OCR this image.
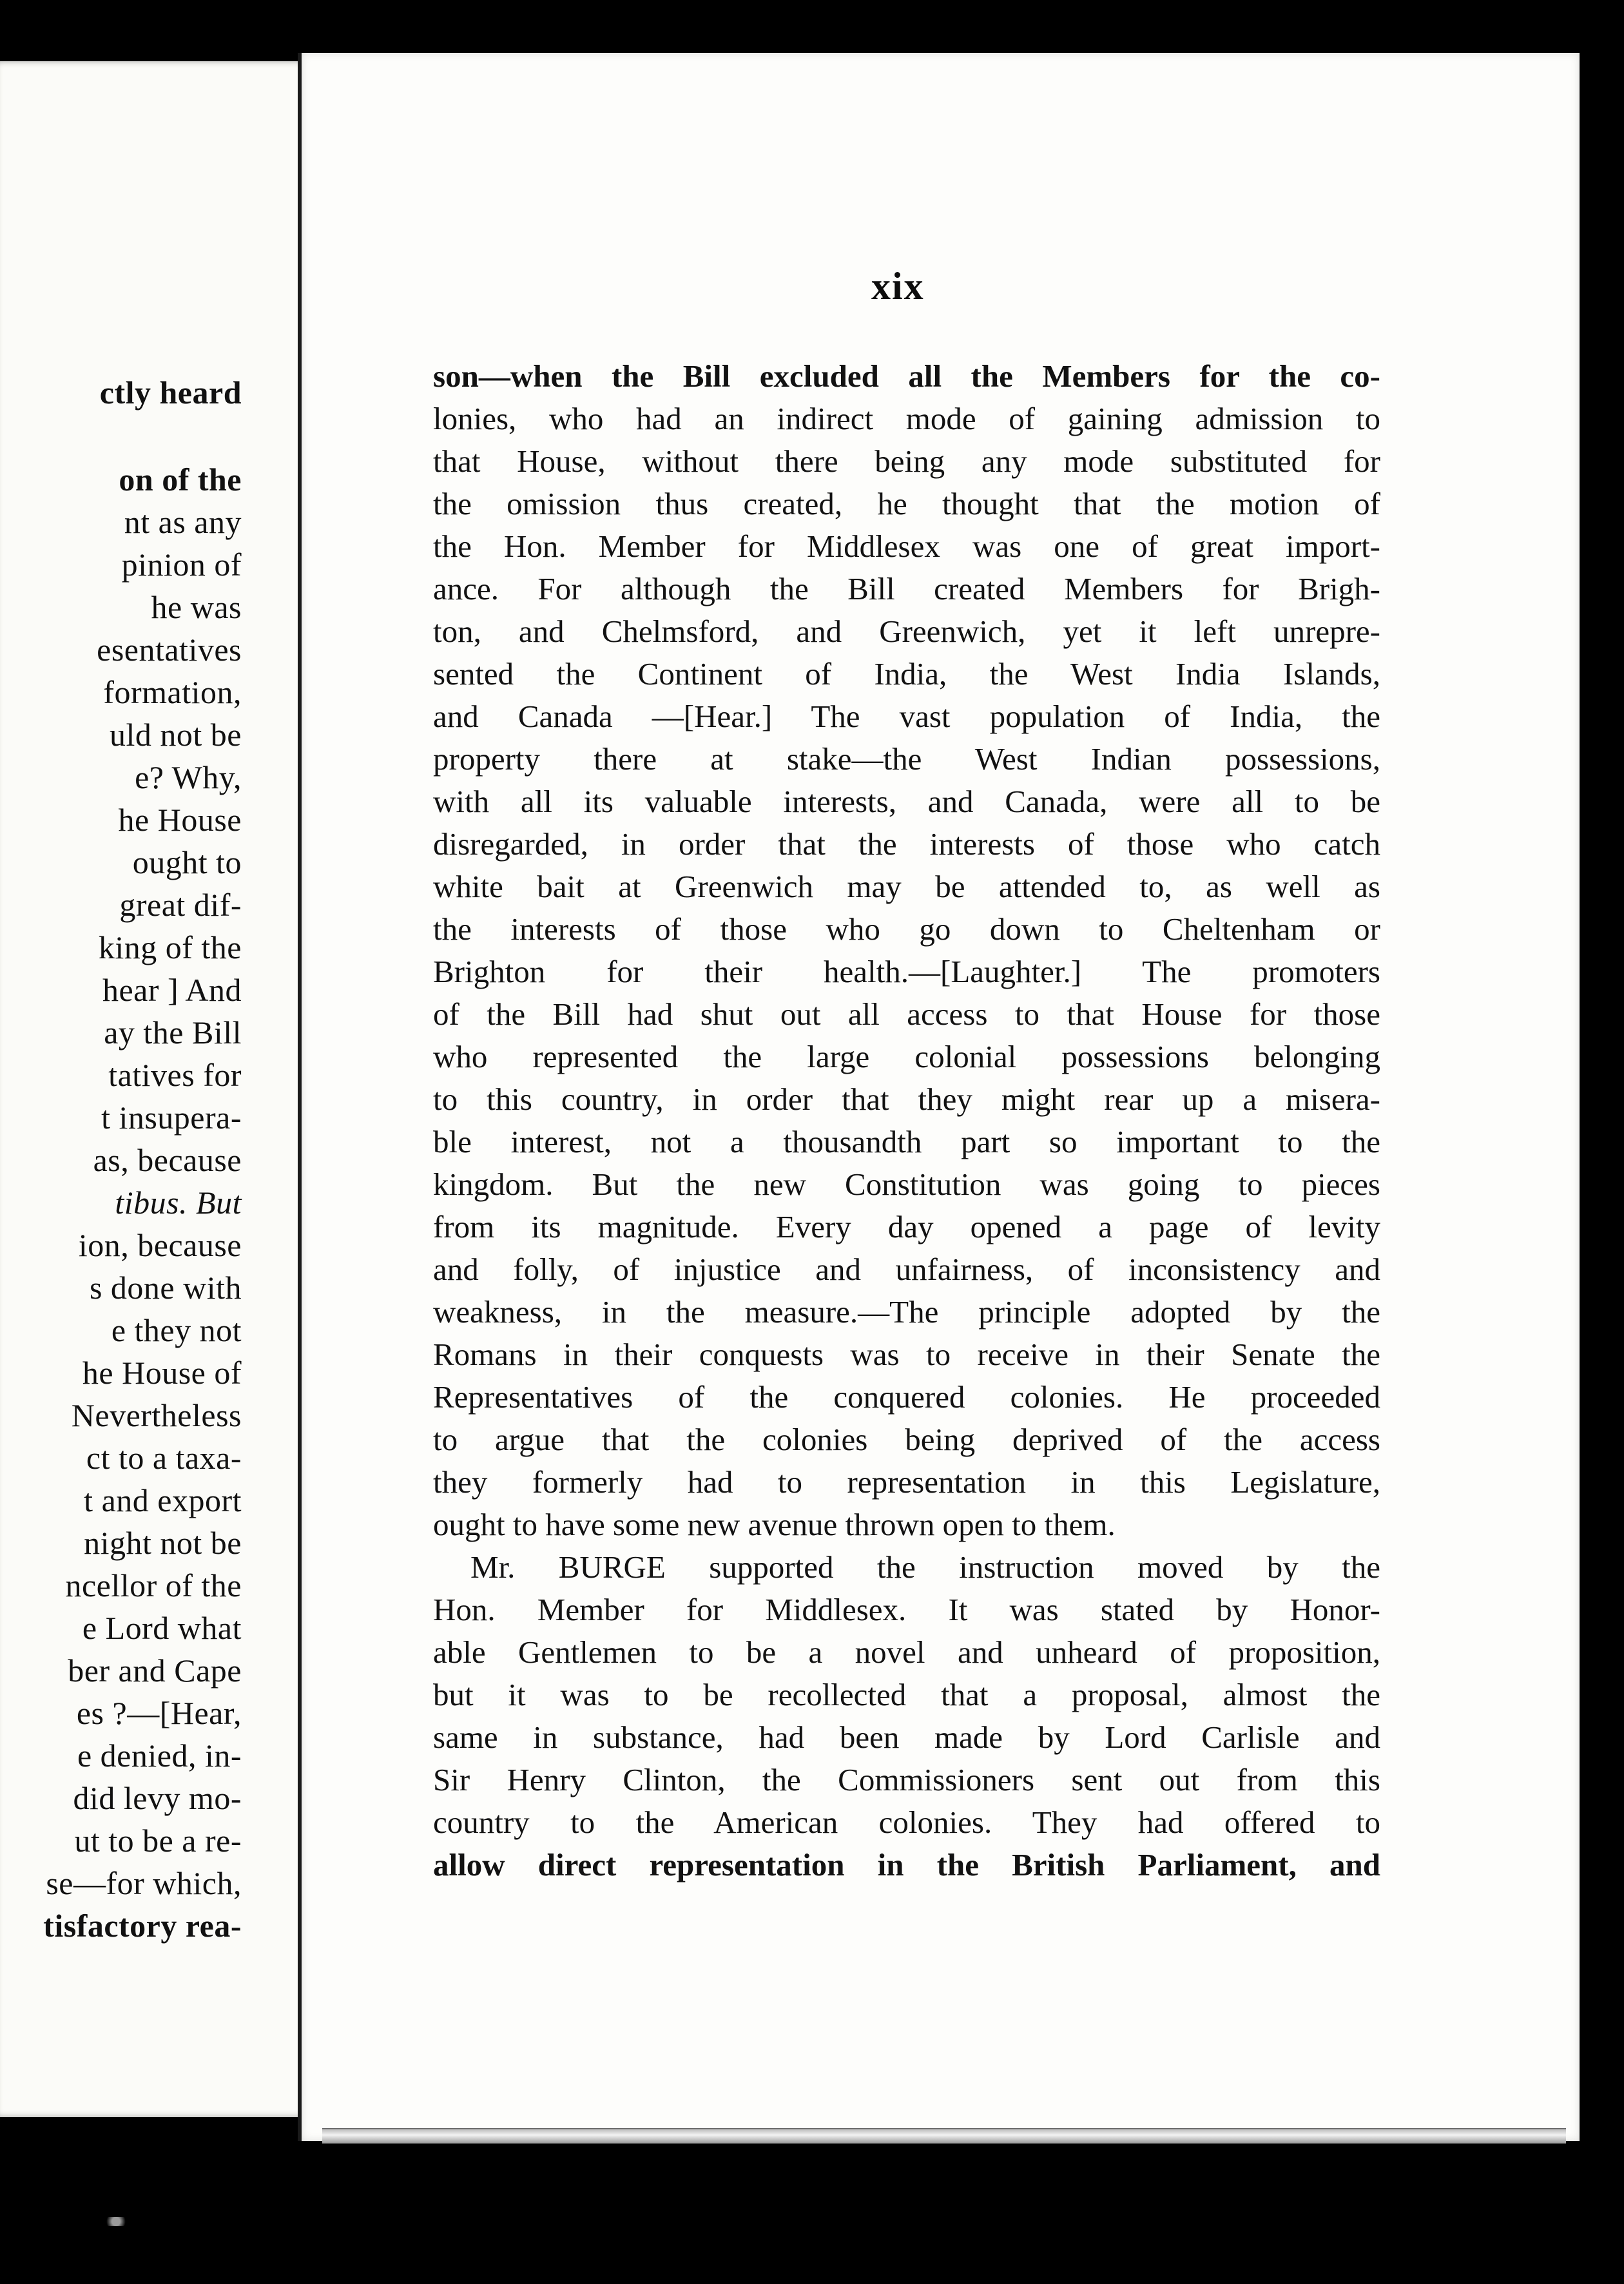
ctly heard
on of the
nt as any
pinion of
he was
esentatives
formation,
uld not be
e? Why,
he House
ought to
great dif-
king of the
hear ] And
ay the Bill
tatives for
t insupera-
as, because
tibus. But
ion, because
s done with
e they not
he House of
Nevertheless
ct to a taxa-
t and export
night not be
ncellor of the
e Lord what
ber and Cape
es ?—[Hear,
e denied, in-
did levy mo-
ut to be a re-
se—for which,
tisfactory rea-
xix
son—when the Bill excluded all the Members for the co-
lonies, who had an indirect mode of gaining admission to
that House, without there being any mode substituted for
the omission thus created, he thought that the motion of
the Hon. Member for Middlesex was one of great import-
ance. For although the Bill created Members for Brigh-
ton, and Chelmsford, and Greenwich, yet it left unrepre-
sented the Continent of India, the West India Islands,
and Canada —[Hear.] The vast population of India, the
property there at stake—the West Indian possessions,
with all its valuable interests, and Canada, were all to be
disregarded, in order that the interests of those who catch
white bait at Greenwich may be attended to, as well as
the interests of those who go down to Cheltenham or
Brighton for their health.—[Laughter.] The promoters
of the Bill had shut out all access to that House for those
who represented the large colonial possessions belonging
to this country, in order that they might rear up a misera-
ble interest, not a thousandth part so important to the
kingdom. But the new Constitution was going to pieces
from its magnitude. Every day opened a page of levity
and folly, of injustice and unfairness, of inconsistency and
weakness, in the measure.—The principle adopted by the
Romans in their conquests was to receive in their Senate the
Representatives of the conquered colonies. He proceeded
to argue that the colonies being deprived of the access
they formerly had to representation in this Legislature,
ought to have some new avenue thrown open to them.
Mr. BURGE supported the instruction moved by the
Hon. Member for Middlesex. It was stated by Honor-
able Gentlemen to be a novel and unheard of proposition,
but it was to be recollected that a proposal, almost the
same in substance, had been made by Lord Carlisle and
Sir Henry Clinton, the Commissioners sent out from this
country to the American colonies. They had offered to
allow direct representation in the British Parliament, and
